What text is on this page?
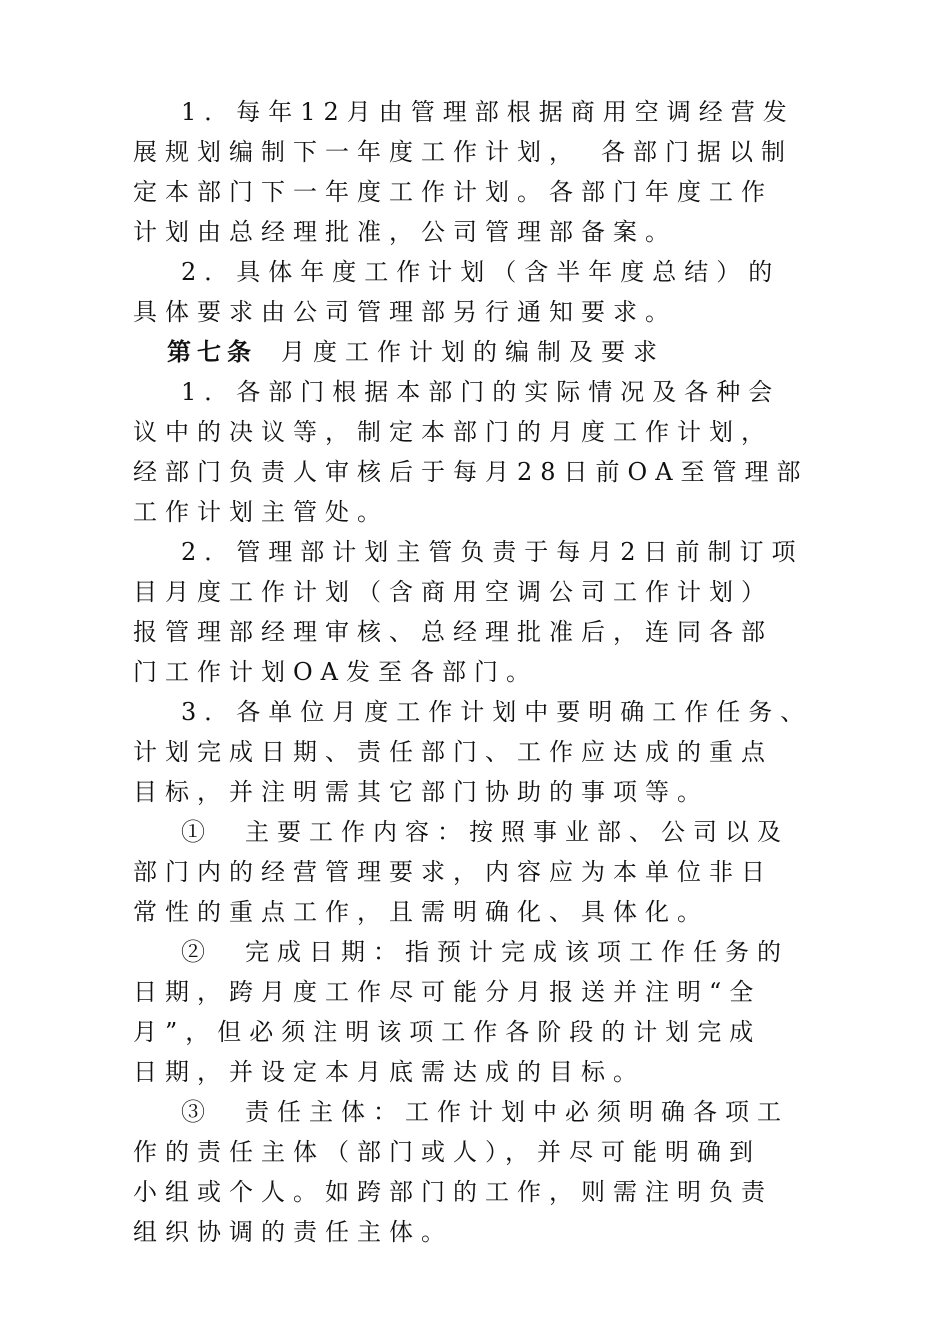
1．每年12月由管理部根据商用空调经营发
展规划编制下一年度工作计划，　各部门据以制
定本部门下一年度工作计划。各部门年度工作
计划由总经理批准，公司管理部备案。
2．具体年度工作计划（含半年度总结）的
具体要求由公司管理部另行通知要求。
第七条 月度工作计划的编制及要求
1．各部门根据本部门的实际情况及各种会
议中的决议等，制定本部门的月度工作计划，
经部门负责人审核后于每月28日前OA至管理部
工作计划主管处。
2．管理部计划主管负责于每月2日前制订项
目月度工作计划（含商用空调公司工作计划）
报管理部经理审核、总经理批准后，连同各部
门工作计划OA发至各部门。
3．各单位月度工作计划中要明确工作任务、
计划完成日期、责任部门、工作应达成的重点
目标，并注明需其它部门协助的事项等。
①　主要工作内容：按照事业部、公司以及
部门内的经营管理要求，内容应为本单位非日
常性的重点工作，且需明确化、具体化。
②　完成日期：指预计完成该项工作任务的
日期，跨月度工作尽可能分月报送并注明“全
月”，但必须注明该项工作各阶段的计划完成
日期，并设定本月底需达成的目标。
③　责任主体：工作计划中必须明确各项工
作的责任主体（部门或人），并尽可能明确到
小组或个人。如跨部门的工作，则需注明负责
组织协调的责任主体。
